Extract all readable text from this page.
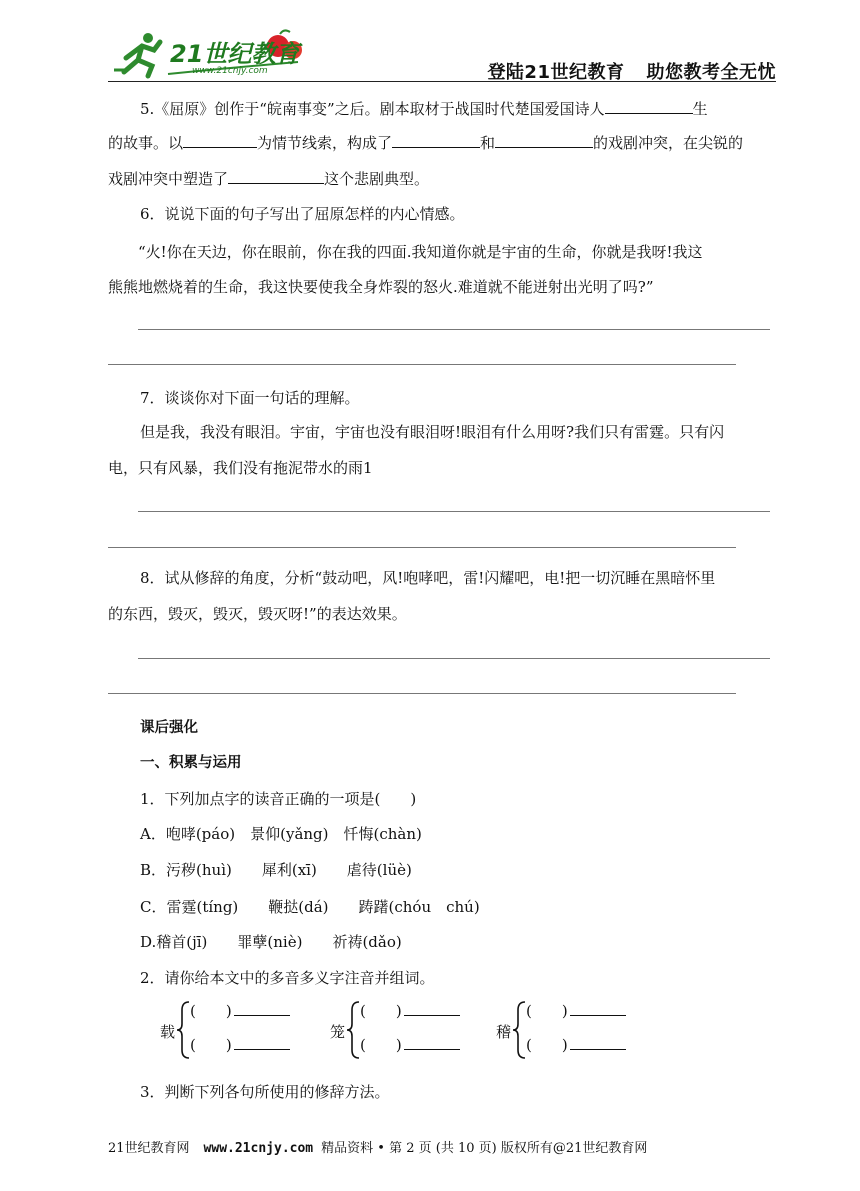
21世纪教育
www.21cnjy.com	登陆21世纪教育 助您教考全无忧
5.《屈原》创作于“皖南事变”之后。剧本取材于战国时代楚国爱国诗人	生
的故事。以	为情节线索，构成了	和	的戏剧冲突，在尖锐的
戏剧冲突中塑造了	这个悲剧典型。
6．说说下面的句子写出了屈原怎样的内心情感。
“火!你在天边，你在眼前，你在我的四面.我知道你就是宇宙的生命，你就是我呀!我这
熊熊地燃烧着的生命，我这快要使我全身炸裂的怒火.难道就不能迸射出光明了吗?”
7．谈谈你对下面一句话的理解。
但是我，我没有眼泪。宇宙，宇宙也没有眼泪呀!眼泪有什么用呀?我们只有雷霆。只有闪
电，只有风暴，我们没有拖泥带水的雨1
8．试从修辞的角度，分析“鼓动吧，风!咆哮吧，雷!闪耀吧，电!把一切沉睡在黑暗怀里
的东西，毁灭，毁灭，毁灭呀!”的表达效果。
课后强化
一、积累与运用
1．下列加点字的读音正确的一项是(　　)
A．咆哮(páo)　景仰(yǎng)　忏悔(chàn)
B．污秽(huì)　　犀利(xī)　　虐待(lüè)
C．雷霆(tíng)　　鞭挞(dá)　　踌躇(chóu　chú)
D.稽首(jī)　　罪孽(niè)　　祈祷(dǎo)
2．请你给本文中的多音多义字注音并组词。
载
(　　)
(　　)
笼
(　　)
(　　)
稽
(　　)
(　　)
3．判断下列各句所使用的修辞方法。
21世纪教育网 www.21cnjy.com 精品资料 • 第 2 页 (共 10 页) 版权所有@21世纪教育网
